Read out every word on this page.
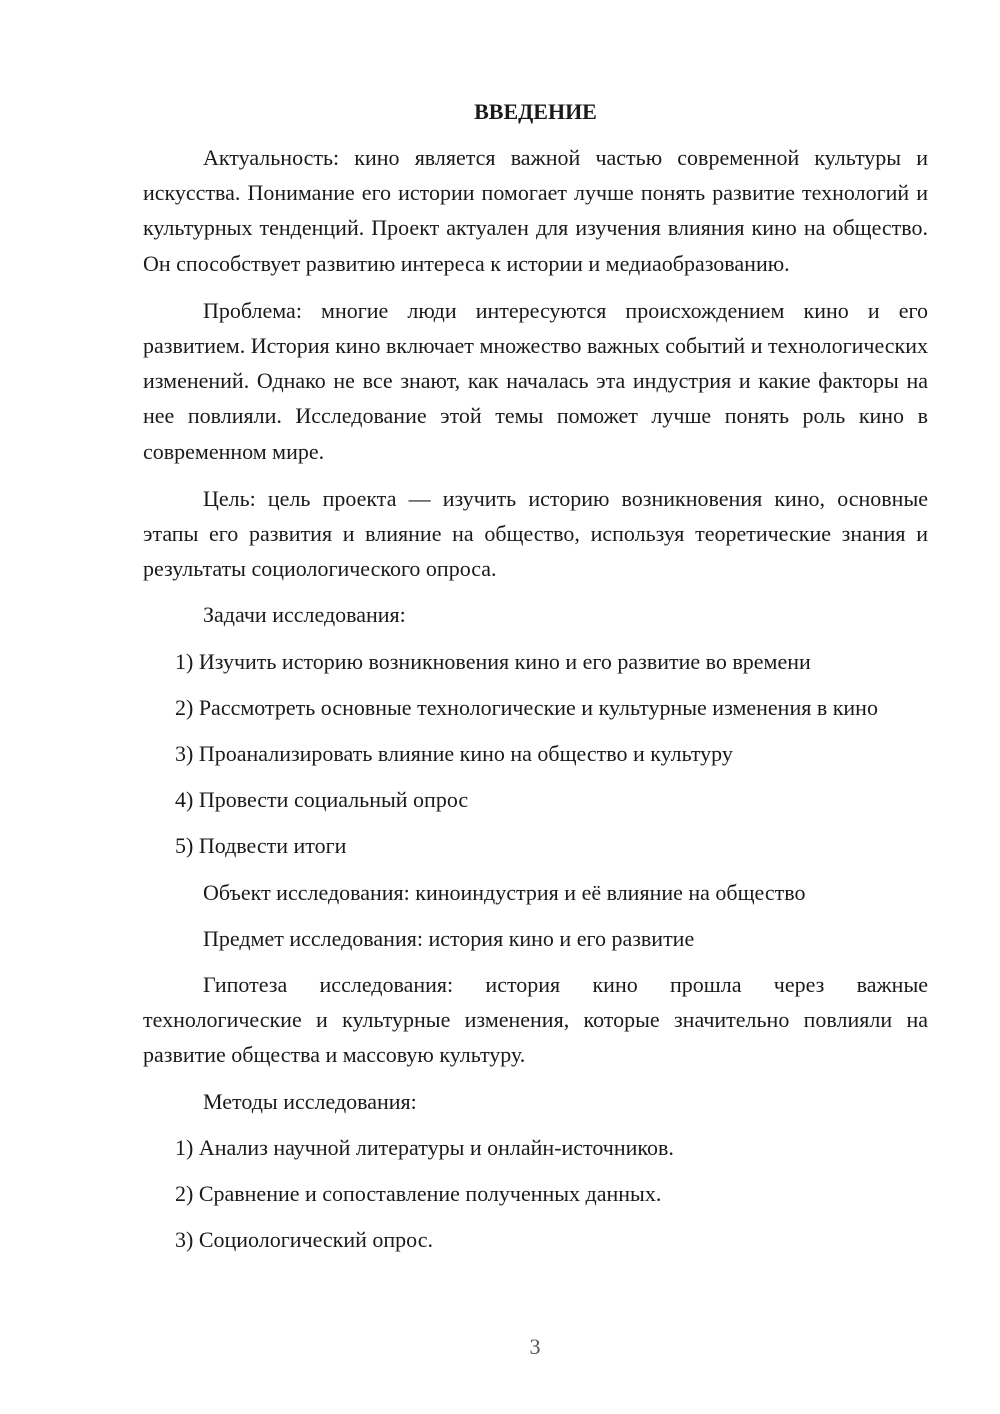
ВВЕДЕНИЕ

Актуальность: кино является важной частью современной культуры и искусства. Понимание его истории помогает лучше понять развитие технологий и культурных тенденций. Проект актуален для изучения влияния кино на общество. Он способствует развитию интереса к истории и медиаобразованию.

Проблема: многие люди интересуются происхождением кино и его развитием. История кино включает множество важных событий и технологических изменений. Однако не все знают, как началась эта индустрия и какие факторы на нее повлияли. Исследование этой темы поможет лучше понять роль кино в современном мире.

Цель: цель проекта — изучить историю возникновения кино, основные этапы его развития и влияние на общество, используя теоретические знания и результаты социологического опроса.

Задачи исследования:

1) Изучить историю возникновения кино и его развитие во времени

2) Рассмотреть основные технологические и культурные изменения в кино

3) Проанализировать влияние кино на общество и культуру

4) Провести социальный опрос

5) Подвести итоги

Объект исследования: киноиндустрия и её влияние на общество

Предмет исследования: история кино и его развитие

Гипотеза исследования: история кино прошла через важные технологические и культурные изменения, которые значительно повлияли на развитие общества и массовую культуру.

Методы исследования:

1) Анализ научной литературы и онлайн-источников.

2) Сравнение и сопоставление полученных данных.

3) Социологический опрос.

3
